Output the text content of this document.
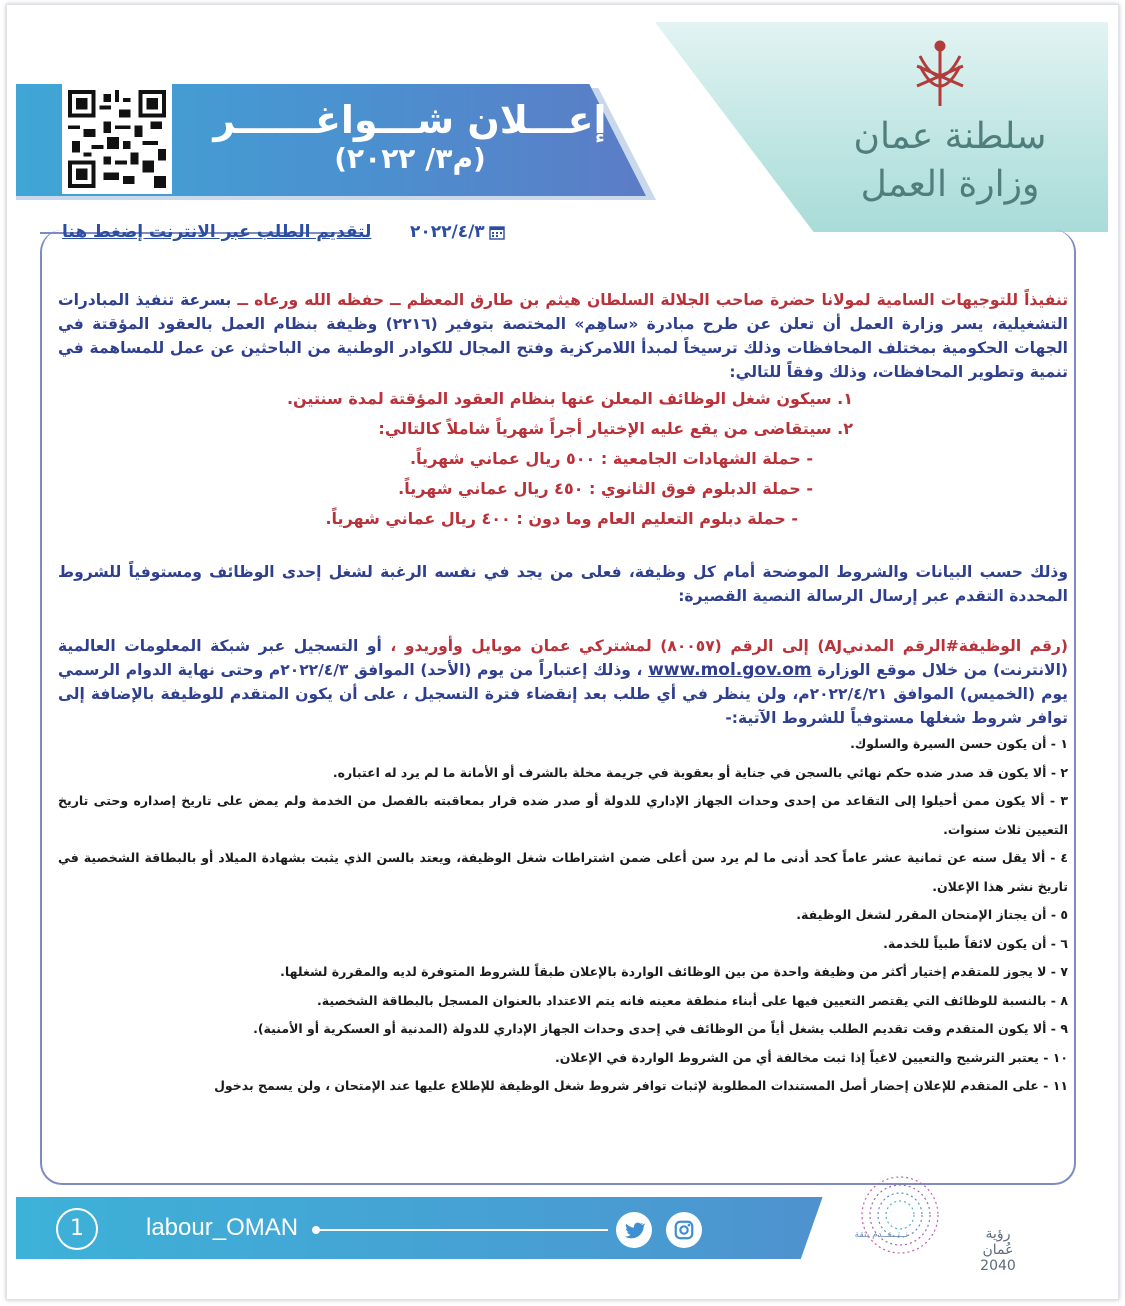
سلطنة عمان
وزارة العمل
إعـــلان شـــواغــــــر
(م٣/ ٢٠٢٢)
لتقديم الطلب عبر الانترنت إضغط هنا ٢٠٢٢/٤/٣

تنفيذاً للتوجيهات السامية لمولانا حضرة صاحب الجلالة السلطان هيثم بن طارق المعظم ــ حفظه الله ورعاه ــ بسرعة تنفيذ المبادرات التشغيلية، يسر وزارة العمل أن تعلن عن طرح مبادرة «ساهِم» المختصة بتوفير (٢٢١٦) وظيفة بنظام العمل بالعقود المؤقتة في الجهات الحكومية بمختلف المحافظات وذلك ترسيخاً لمبدأ اللامركزية وفتح المجال للكوادر الوطنية من الباحثين عن عمل للمساهمة في تنمية وتطوير المحافظات، وذلك وفقاً للتالي:

١. سيكون شغل الوظائف المعلن عنها بنظام العقود المؤقتة لمدة سنتين.
٢. سيتقاضى من يقع عليه الإختيار أجراً شهرياً شاملاً كالتالي:
- حملة الشهادات الجامعية : ٥٠٠ ريال عماني شهرياً.
- حملة الدبلوم فوق الثانوي : ٤٥٠ ريال عماني شهرياً.
- حملة دبلوم التعليم العام وما دون : ٤٠٠ ريال عماني شهرياً.

وذلك حسب البيانات والشروط الموضحة أمام كل وظيفة، فعلى من يجد في نفسه الرغبة لشغل إحدى الوظائف ومستوفياً للشروط المحددة التقدم عبر إرسال الرسالة النصية القصيرة:

(رقم الوظيفة#الرقم المدنيAJ) إلى الرقم (٨٠٠٥٧) لمشتركي عمان موبايل وأوريدو ، أو التسجيل عبر شبكة المعلومات العالمية (الانترنت) من خلال موقع الوزارة www.mol.gov.om ، وذلك إعتباراً من يوم (الأحد) الموافق ٢٠٢٢/٤/٣م وحتى نهاية الدوام الرسمي يوم (الخميس) الموافق ٢٠٢٢/٤/٢١م، ولن ينظر في أي طلب بعد إنقضاء فترة التسجيل ، على أن يكون المتقدم للوظيفة بالإضافة إلى توافر شروط شغلها مستوفياً للشروط الآتية:-

١ - أن يكون حسن السيرة والسلوك.
٢ - ألا يكون قد صدر ضده حكم نهائي بالسجن في جناية أو بعقوبة في جريمة مخلة بالشرف أو الأمانة ما لم يرد له اعتباره.
٣ - ألا يكون ممن أحيلوا إلى التقاعد من إحدى وحدات الجهاز الإداري للدولة أو صدر ضده قرار بمعاقبته بالفصل من الخدمة ولم يمض على تاريخ إصداره وحتى تاريخ التعيين ثلاث سنوات.
٤ - ألا يقل سنه عن ثمانية عشر عاماً كحد أدنى ما لم يرد سن أعلى ضمن اشتراطات شغل الوظيفة، ويعتد بالسن الذي يثبت بشهادة الميلاد أو بالبطاقة الشخصية في تاريخ نشر هذا الإعلان.
٥ - أن يجتاز الإمتحان المقرر لشغل الوظيفة.
٦ - أن يكون لائقاً طبياً للخدمة.
٧ - لا يجوز للمتقدم إختيار أكثر من وظيفة واحدة من بين الوظائف الواردة بالإعلان طبقاً للشروط المتوفرة لديه والمقررة لشغلها.
٨ - بالنسبة للوظائف التي يقتصر التعيين فيها على أبناء منطقة معينه فانه يتم الاعتداد بالعنوان المسجل بالبطاقة الشخصية.
٩ - ألا يكون المتقدم وقت تقديم الطلب يشغل أياً من الوظائف في إحدى وحدات الجهاز الإداري للدولة (المدنية أو العسكرية أو الأمنية).
١٠ - يعتبر الترشيح والتعيين لاغياً إذا ثبت مخالفة أي من الشروط الواردة في الإعلان.
١١ - على المتقدم للإعلان إحضار أصل المستندات المطلوبة لإثبات توافر شروط شغل الوظيفة للإطلاع عليها عند الإمتحان ، ولن يسمح بدخول
1	labour_OMAN	نــتــقــدم بثقة	رؤية عُمان 2040
